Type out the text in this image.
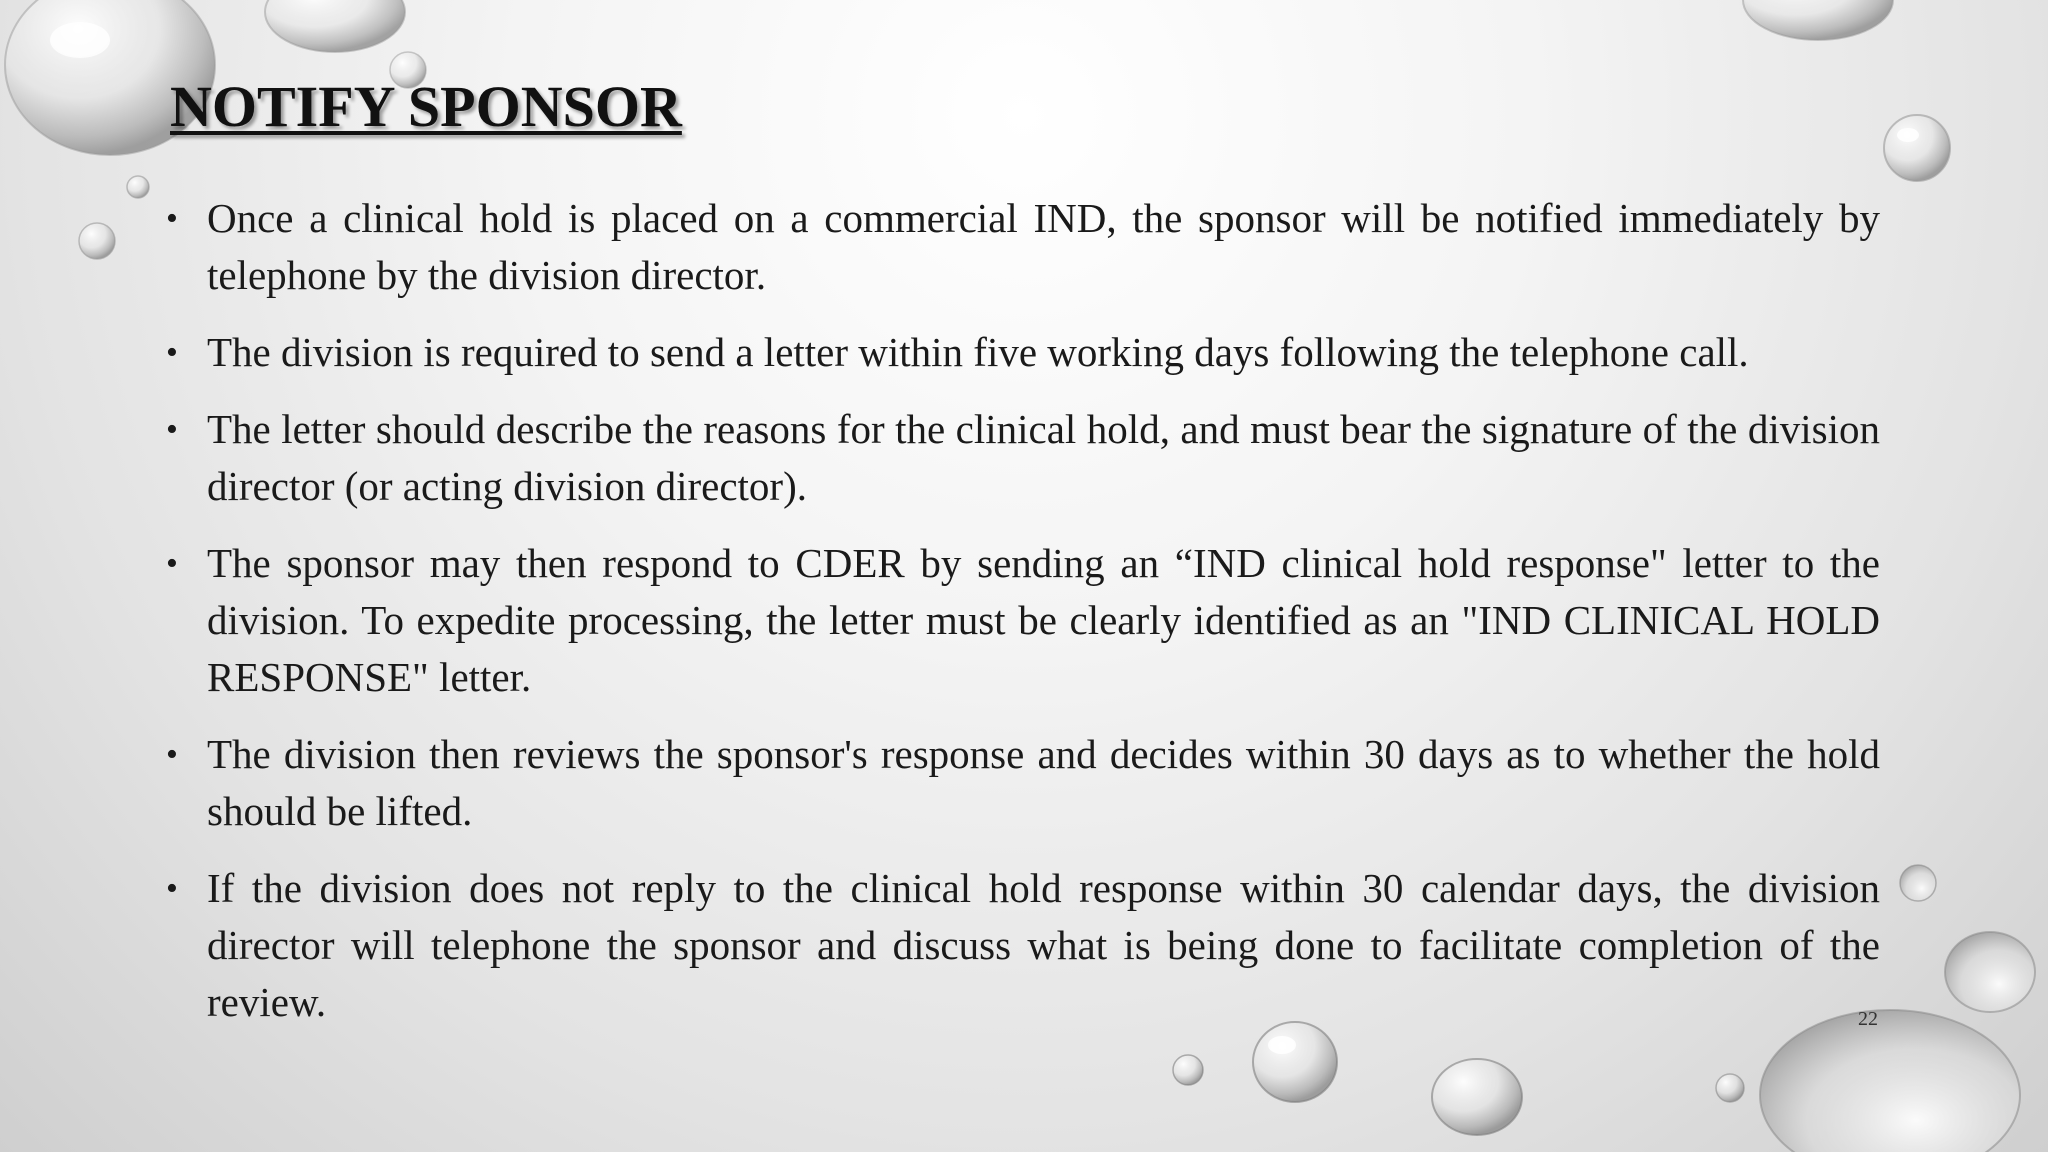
NOTIFY SPONSOR
• Once a clinical hold is placed on a commercial IND, the sponsor will be notified immediately by telephone by the division director.
• The division is required to send a letter within five working days following the telephone call.
• The letter should describe the reasons for the clinical hold, and must bear the signature of the division director (or acting division director).
• The sponsor may then respond to CDER by sending an “IND clinical hold response" letter to the division. To expedite processing, the letter must be clearly identified as an "IND CLINICAL HOLD RESPONSE" letter.
• The division then reviews the sponsor's response and decides within 30 days as to whether the hold should be lifted.
• If the division does not reply to the clinical hold response within 30 calendar days, the division director will telephone the sponsor and discuss what is being done to facilitate completion of the review.	22
